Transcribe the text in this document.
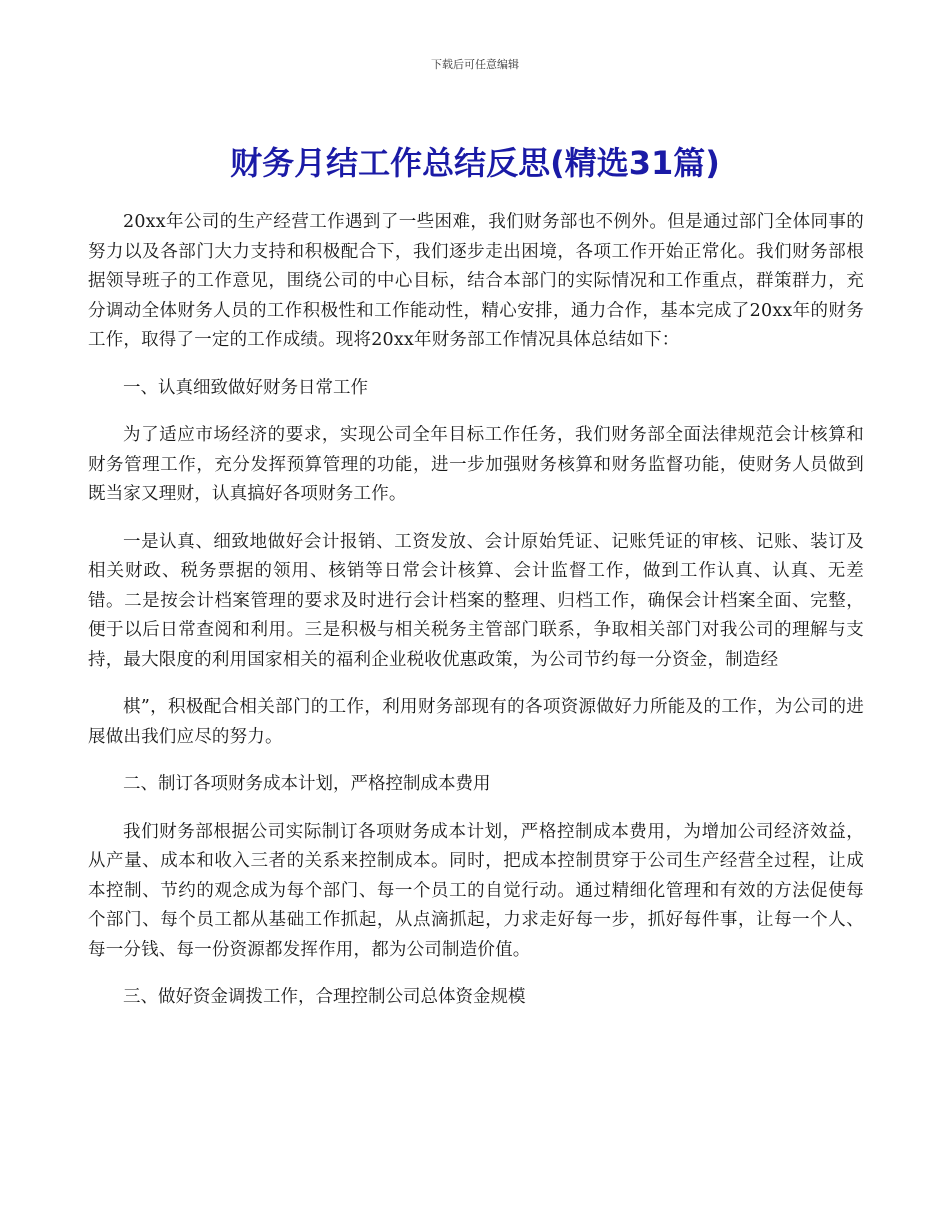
下载后可任意编辑
财务月结工作总结反思(精选31篇)

20xx年公司的生产经营工作遇到了一些困难，我们财务部也不例外。但是通过部门全体同事的努力以及各部门大力支持和积极配合下，我们逐步走出困境，各项工作开始正常化。我们财务部根据领导班子的工作意见，围绕公司的中心目标，结合本部门的实际情况和工作重点，群策群力，充分调动全体财务人员的工作积极性和工作能动性，精心安排，通力合作，基本完成了20xx年的财务工作，取得了一定的工作成绩。现将20xx年财务部工作情况具体总结如下：

一、认真细致做好财务日常工作

为了适应市场经济的要求，实现公司全年目标工作任务，我们财务部全面法律规范会计核算和财务管理工作，充分发挥预算管理的功能，进一步加强财务核算和财务监督功能，使财务人员做到既当家又理财，认真搞好各项财务工作。

一是认真、细致地做好会计报销、工资发放、会计原始凭证、记账凭证的审核、记账、装订及相关财政、税务票据的领用、核销等日常会计核算、会计监督工作，做到工作认真、认真、无差错。二是按会计档案管理的要求及时进行会计档案的整理、归档工作，确保会计档案全面、完整，便于以后日常查阅和利用。三是积极与相关税务主管部门联系，争取相关部门对我公司的理解与支持，最大限度的利用国家相关的福利企业税收优惠政策，为公司节约每一分资金，制造经

棋”，积极配合相关部门的工作，利用财务部现有的各项资源做好力所能及的工作，为公司的进展做出我们应尽的努力。

二、制订各项财务成本计划，严格控制成本费用

我们财务部根据公司实际制订各项财务成本计划，严格控制成本费用，为增加公司经济效益，从产量、成本和收入三者的关系来控制成本。同时，把成本控制贯穿于公司生产经营全过程，让成本控制、节约的观念成为每个部门、每一个员工的自觉行动。通过精细化管理和有效的方法促使每个部门、每个员工都从基础工作抓起，从点滴抓起，力求走好每一步，抓好每件事，让每一个人、每一分钱、每一份资源都发挥作用，都为公司制造价值。

三、做好资金调拨工作，合理控制公司总体资金规模
